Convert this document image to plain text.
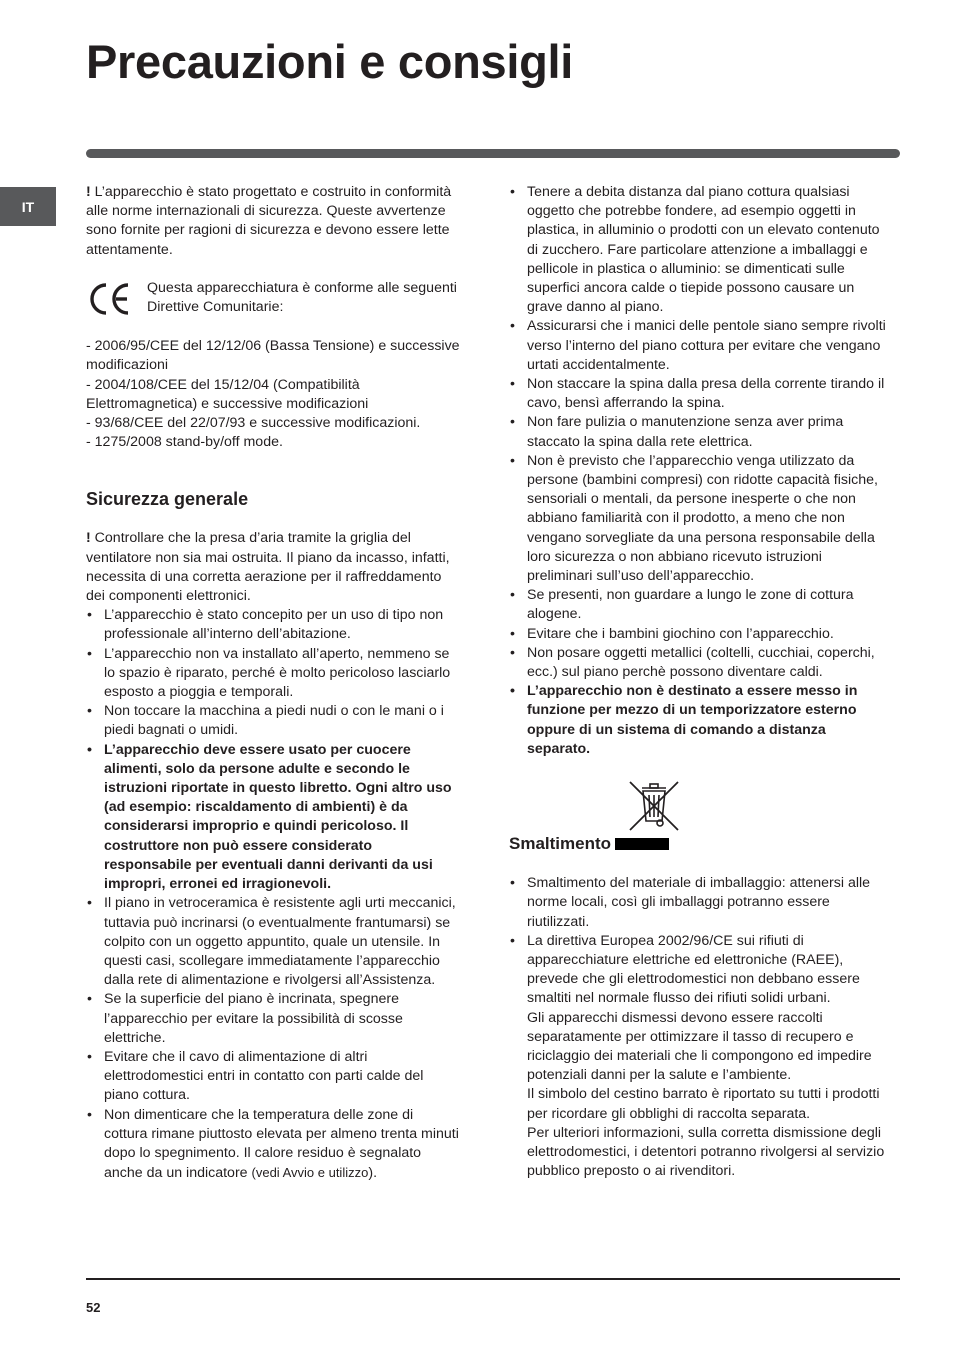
Precauzioni e consigli
IT

! L’apparecchio è stato progettato e costruito in conformità alle norme internazionali di sicurezza. Queste avvertenze sono fornite per ragioni di sicurezza e devono essere lette attentamente.

Questa apparecchiatura è conforme alle seguenti Direttive Comunitarie:

- 2006/95/CEE del 12/12/06 (Bassa Tensione) e successive modificazioni

- 2004/108/CEE del 15/12/04 (Compatibilità Elettromagnetica) e successive modificazioni

- 93/68/CEE del 22/07/93 e successive modificazioni.

- 1275/2008 stand-by/off mode.

Sicurezza generale

! Controllare che la presa d’aria tramite la griglia del ventilatore non sia mai ostruita. Il piano da incasso, infatti, necessita di una corretta aerazione per il raffreddamento dei componenti elettronici.

• L’apparecchio è stato concepito per un uso di tipo non professionale all’interno dell’abitazione.
• L’apparecchio non va installato all’aperto, nemmeno se lo spazio è riparato, perché è molto pericoloso lasciarlo esposto a pioggia e temporali.
• Non toccare la macchina a piedi nudi o con le mani o i piedi bagnati o umidi.
• L’apparecchio deve essere usato per cuocere alimenti, solo da persone adulte e secondo le istruzioni riportate in questo libretto. Ogni altro uso (ad esempio: riscaldamento di ambienti) è da considerarsi improprio e quindi pericoloso. Il costruttore non può essere considerato responsabile per eventuali danni derivanti da usi impropri, erronei ed irragionevoli.
• Il piano in vetroceramica è resistente agli urti meccanici, tuttavia può incrinarsi (o eventualmente frantumarsi) se colpito con un oggetto appuntito, quale un utensile. In questi casi, scollegare immediatamente l’apparecchio dalla rete di alimentazione e rivolgersi all’Assistenza.
• Se la superficie del piano è incrinata, spegnere l’apparecchio per evitare la possibilità di scosse elettriche.
• Evitare che il cavo di alimentazione di altri elettrodomestici entri in contatto con parti calde del piano cottura.
• Non dimenticare che la temperatura delle zone di cottura rimane piuttosto elevata per almeno trenta minuti dopo lo spegnimento. Il calore residuo è segnalato anche da un indicatore (vedi Avvio e utilizzo).
• Tenere a debita distanza dal piano cottura qualsiasi oggetto che potrebbe fondere, ad esempio oggetti in plastica, in alluminio o prodotti con un elevato contenuto di zucchero. Fare particolare attenzione a imballaggi e pellicole in plastica o alluminio: se dimenticati sulle superfici ancora calde o tiepide possono causare un grave danno al piano.
• Assicurarsi che i manici delle pentole siano sempre rivolti verso l’interno del piano cottura per evitare che vengano urtati accidentalmente.
• Non staccare la spina dalla presa della corrente tirando il cavo, bensì afferrando la spina.
• Non fare pulizia o manutenzione senza aver prima staccato la spina dalla rete elettrica.
• Non è previsto che l’apparecchio venga utilizzato da persone (bambini compresi) con ridotte capacità fisiche, sensoriali o mentali, da persone inesperte o che non abbiano familiarità con il prodotto, a meno che non vengano sorvegliate da una persona responsabile della loro sicurezza o non abbiano ricevuto istruzioni preliminari sull’uso dell’apparecchio.
• Se presenti, non guardare a lungo le zone di cottura alogene.
• Evitare che i bambini giochino con l’apparecchio.
• Non posare oggetti metallici (coltelli, cucchiai, coperchi, ecc.) sul piano perchè possono diventare caldi.
• L’apparecchio non è destinato a essere messo in funzione per mezzo di un temporizzatore esterno oppure di un sistema di comando a distanza separato.
Smaltimento
• Smaltimento del materiale di imballaggio: attenersi alle norme locali, così gli imballaggi potranno essere riutilizzati.

• La direttiva Europea 2002/96/CE sui rifiuti di apparecchiature elettriche ed elettroniche (RAEE), prevede che gli elettrodomestici non debbano essere smaltiti nel normale flusso dei rifiuti solidi urbani.

Gli apparecchi dismessi devono essere raccolti separatamente per ottimizzare il tasso di recupero e riciclaggio dei materiali che li compongono ed impedire potenziali danni per la salute e l’ambiente.

Il simbolo del cestino barrato è riportato su tutti i prodotti per ricordare gli obblighi di raccolta separata.

Per ulteriori informazioni, sulla corretta dismissione degli elettrodomestici, i detentori potranno rivolgersi al servizio pubblico preposto o ai rivenditori.

52
